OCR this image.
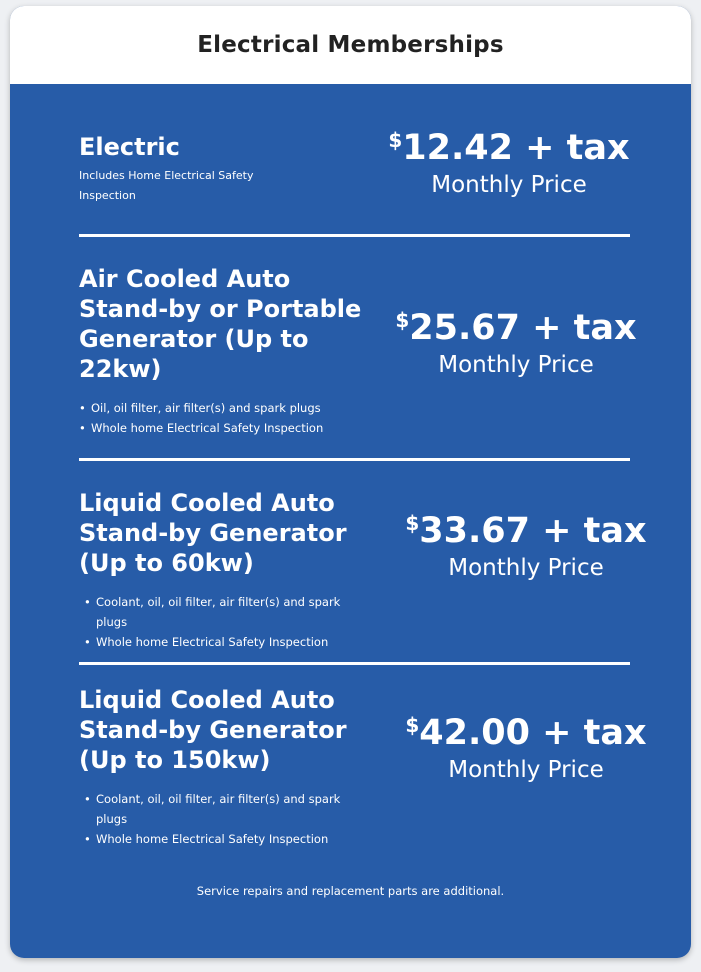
Electrical Memberships
Electric

Includes Home Electrical Safety Inspection

$12.42 + tax
Monthly Price
Air Cooled Auto Stand-by or Portable Generator (Up to 22kw)
• Oil, oil filter, air filter(s) and spark plugs
• Whole home Electrical Safety Inspection
$25.67 + tax
Monthly Price
Liquid Cooled Auto Stand-by Generator (Up to 60kw)
• Coolant, oil, oil filter, air filter(s) and spark plugs
• Whole home Electrical Safety Inspection
$33.67 + tax
Monthly Price
Liquid Cooled Auto Stand-by Generator (Up to 150kw)
• Coolant, oil, oil filter, air filter(s) and spark plugs
• Whole home Electrical Safety Inspection
$42.00 + tax
Monthly Price
Service repairs and replacement parts are additional.
